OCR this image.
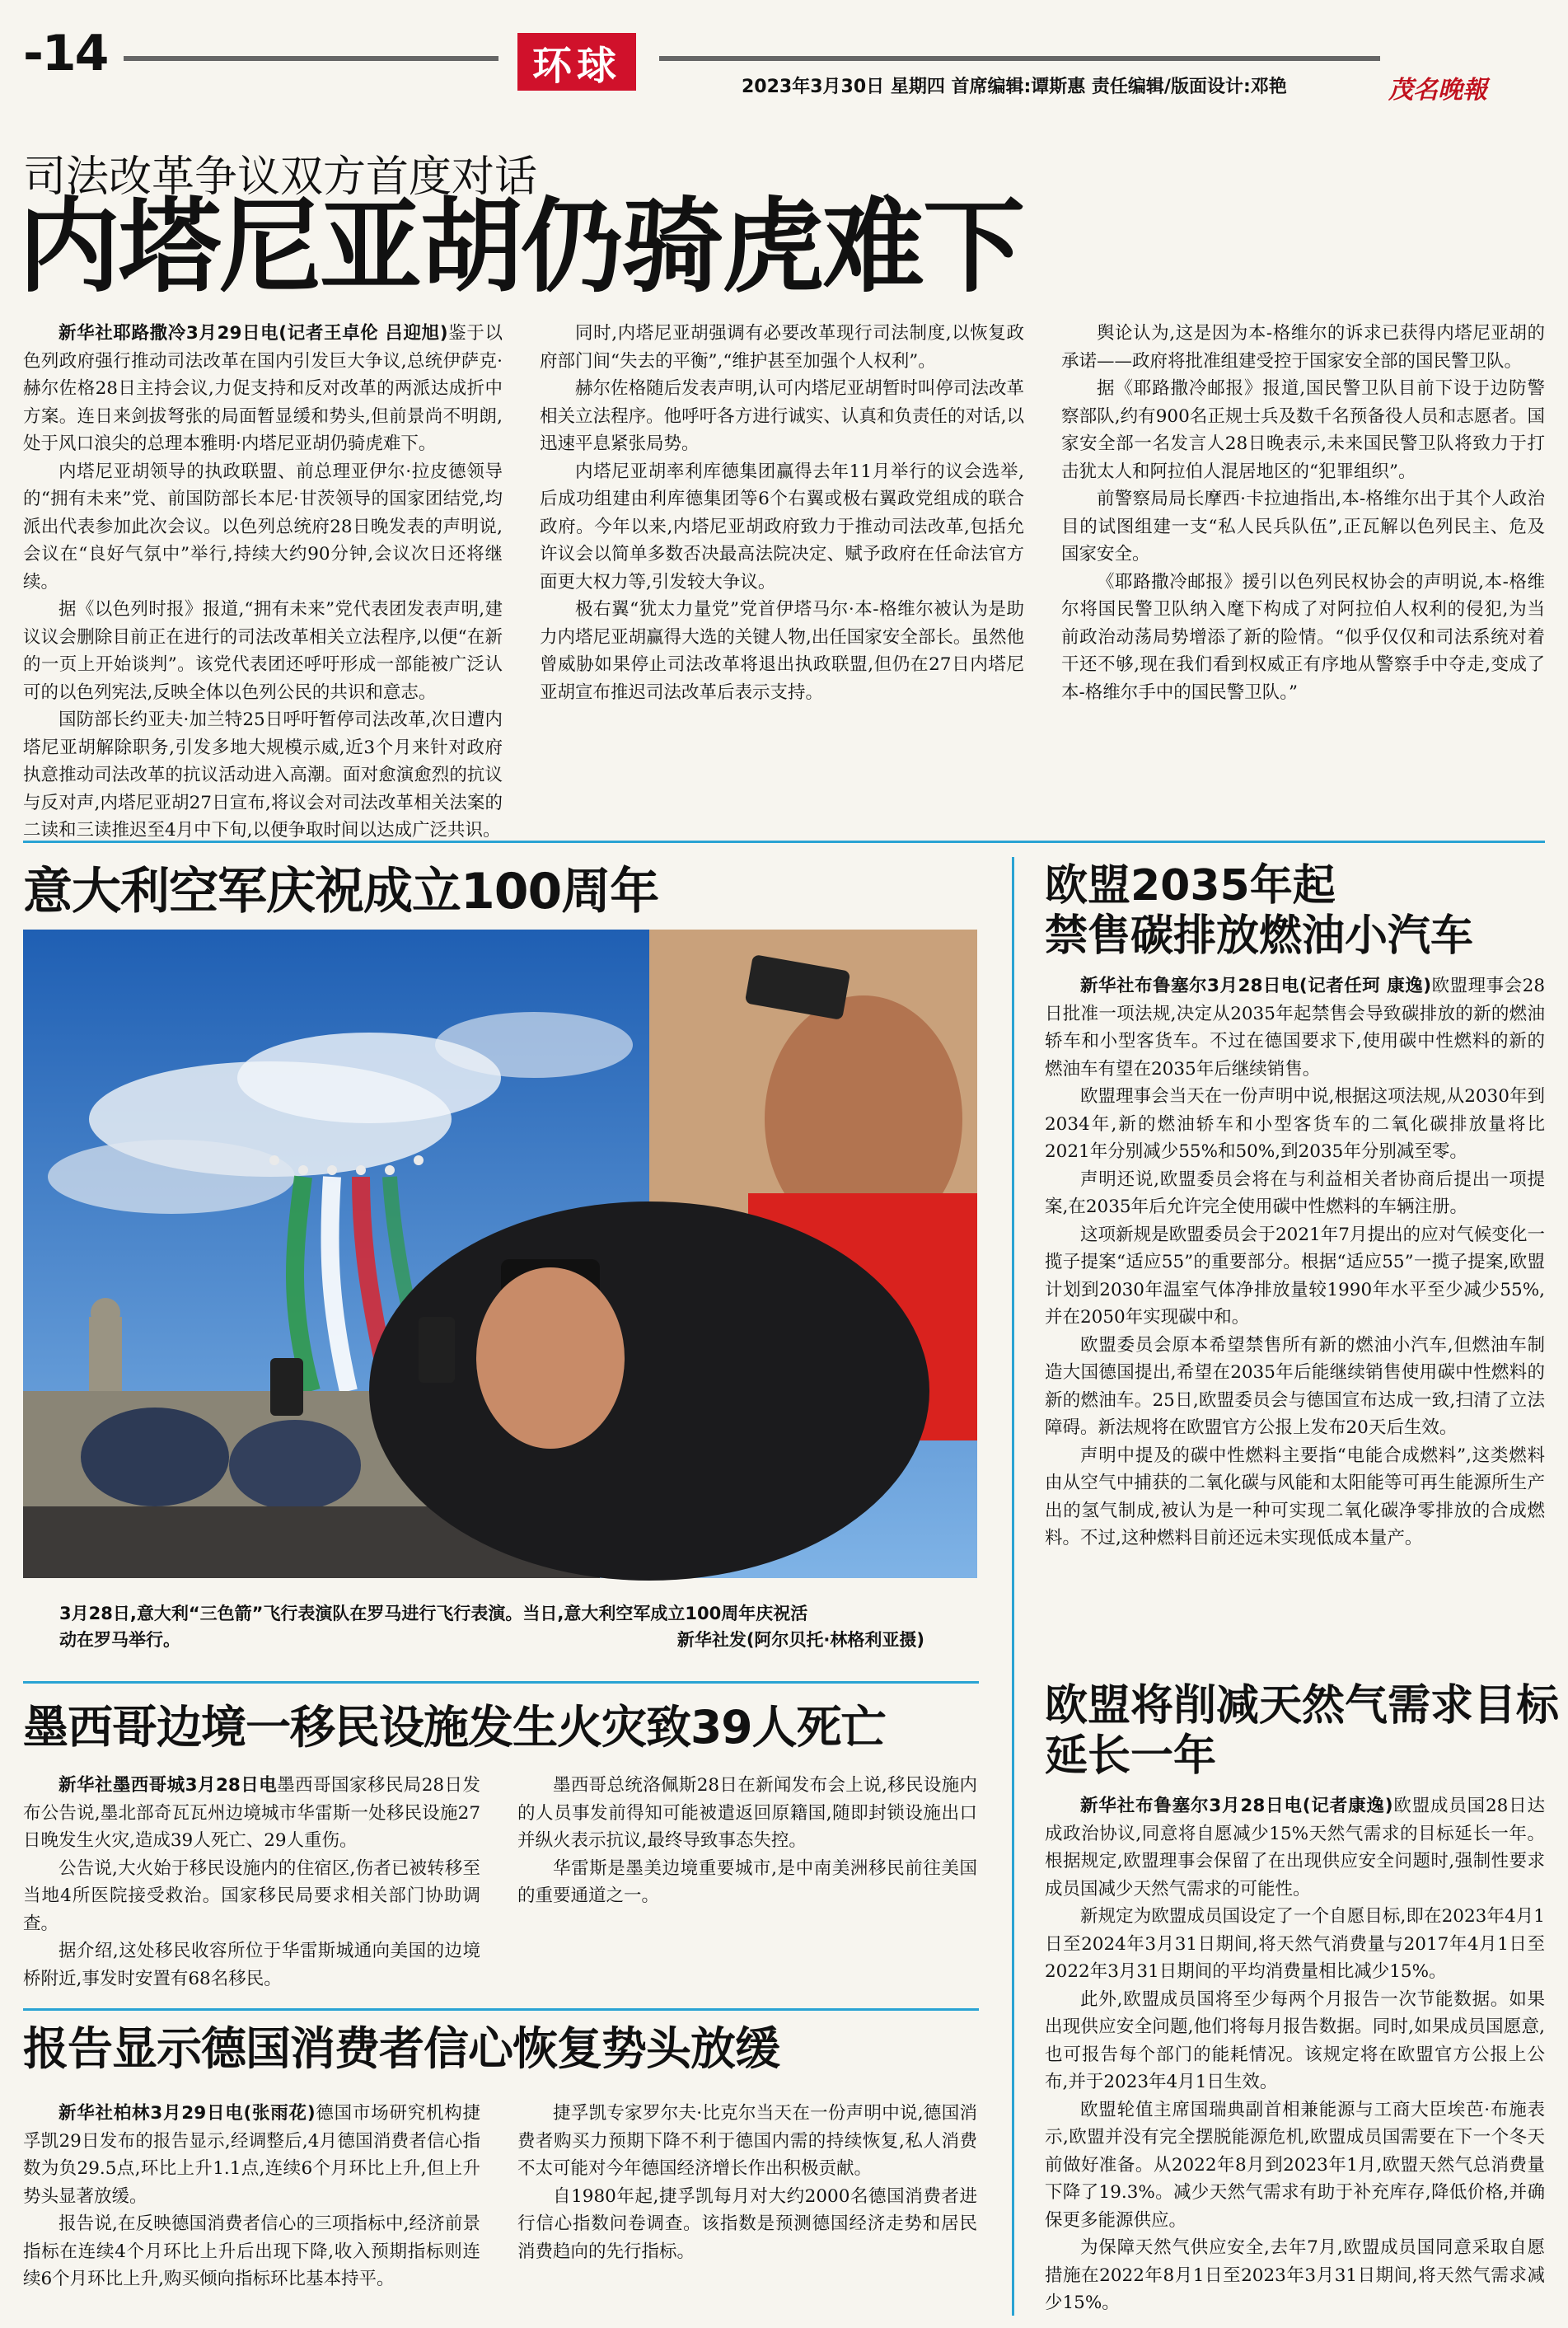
-14	环球	2023年3月30日 星期四 首席编辑:谭斯惠 责任编辑/版面设计:邓艳	茂名晚報
司法改革争议双方首度对话
内塔尼亚胡仍骑虎难下

新华社耶路撒冷3月29日电(记者王卓伦 吕迎旭)鉴于以色列政府强行推动司法改革在国内引发巨大争议,总统伊萨克·赫尔佐格28日主持会议,力促支持和反对改革的两派达成折中方案。连日来剑拔弩张的局面暂显缓和势头,但前景尚不明朗,处于风口浪尖的总理本雅明·内塔尼亚胡仍骑虎难下。

内塔尼亚胡领导的执政联盟、前总理亚伊尔·拉皮德领导的“拥有未来”党、前国防部长本尼·甘茨领导的国家团结党,均派出代表参加此次会议。以色列总统府28日晚发表的声明说,会议在“良好气氛中”举行,持续大约90分钟,会议次日还将继续。

据《以色列时报》报道,“拥有未来”党代表团发表声明,建议议会删除目前正在进行的司法改革相关立法程序,以便“在新的一页上开始谈判”。该党代表团还呼吁形成一部能被广泛认可的以色列宪法,反映全体以色列公民的共识和意志。

国防部长约亚夫·加兰特25日呼吁暂停司法改革,次日遭内塔尼亚胡解除职务,引发多地大规模示威,近3个月来针对政府执意推动司法改革的抗议活动进入高潮。面对愈演愈烈的抗议与反对声,内塔尼亚胡27日宣布,将议会对司法改革相关法案的二读和三读推迟至4月中下旬,以便争取时间以达成广泛共识。

同时,内塔尼亚胡强调有必要改革现行司法制度,以恢复政府部门间“失去的平衡”,“维护甚至加强个人权利”。

赫尔佐格随后发表声明,认可内塔尼亚胡暂时叫停司法改革相关立法程序。他呼吁各方进行诚实、认真和负责任的对话,以迅速平息紧张局势。

内塔尼亚胡率利库德集团赢得去年11月举行的议会选举,后成功组建由利库德集团等6个右翼或极右翼政党组成的联合政府。今年以来,内塔尼亚胡政府致力于推动司法改革,包括允许议会以简单多数否决最高法院决定、赋予政府在任命法官方面更大权力等,引发较大争议。

极右翼“犹太力量党”党首伊塔马尔·本-格维尔被认为是助力内塔尼亚胡赢得大选的关键人物,出任国家安全部长。虽然他曾威胁如果停止司法改革将退出执政联盟,但仍在27日内塔尼亚胡宣布推迟司法改革后表示支持。

舆论认为,这是因为本-格维尔的诉求已获得内塔尼亚胡的承诺——政府将批准组建受控于国家安全部的国民警卫队。

据《耶路撒冷邮报》报道,国民警卫队目前下设于边防警察部队,约有900名正规士兵及数千名预备役人员和志愿者。国家安全部一名发言人28日晚表示,未来国民警卫队将致力于打击犹太人和阿拉伯人混居地区的“犯罪组织”。

前警察局局长摩西·卡拉迪指出,本-格维尔出于其个人政治目的试图组建一支“私人民兵队伍”,正瓦解以色列民主、危及国家安全。

《耶路撒冷邮报》援引以色列民权协会的声明说,本-格维尔将国民警卫队纳入麾下构成了对阿拉伯人权利的侵犯,为当前政治动荡局势增添了新的险情。“似乎仅仅和司法系统对着干还不够,现在我们看到权威正有序地从警察手中夺走,变成了本-格维尔手中的国民警卫队。”

意大利空军庆祝成立100周年
3月28日,意大利“三色箭”飞行表演队在罗马进行飞行表演。当日,意大利空军成立100周年庆祝活
动在罗马举行。	新华社发(阿尔贝托·林格利亚摄)
墨西哥边境一移民设施发生火灾致39人死亡

新华社墨西哥城3月28日电墨西哥国家移民局28日发布公告说,墨北部奇瓦瓦州边境城市华雷斯一处移民设施27日晚发生火灾,造成39人死亡、29人重伤。

公告说,大火始于移民设施内的住宿区,伤者已被转移至当地4所医院接受救治。国家移民局要求相关部门协助调查。

据介绍,这处移民收容所位于华雷斯城通向美国的边境桥附近,事发时安置有68名移民。

墨西哥总统洛佩斯28日在新闻发布会上说,移民设施内的人员事发前得知可能被遣返回原籍国,随即封锁设施出口并纵火表示抗议,最终导致事态失控。

华雷斯是墨美边境重要城市,是中南美洲移民前往美国的重要通道之一。

报告显示德国消费者信心恢复势头放缓

新华社柏林3月29日电(张雨花)德国市场研究机构捷孚凯29日发布的报告显示,经调整后,4月德国消费者信心指数为负29.5点,环比上升1.1点,连续6个月环比上升,但上升势头显著放缓。

报告说,在反映德国消费者信心的三项指标中,经济前景指标在连续4个月环比上升后出现下降,收入预期指标则连续6个月环比上升,购买倾向指标环比基本持平。

捷孚凯专家罗尔夫·比克尔当天在一份声明中说,德国消费者购买力预期下降不利于德国内需的持续恢复,私人消费不太可能对今年德国经济增长作出积极贡献。

自1980年起,捷孚凯每月对大约2000名德国消费者进行信心指数问卷调查。该指数是预测德国经济走势和居民消费趋向的先行指标。

欧盟2035年起
禁售碳排放燃油小汽车

新华社布鲁塞尔3月28日电(记者任珂 康逸)欧盟理事会28日批准一项法规,决定从2035年起禁售会导致碳排放的新的燃油轿车和小型客货车。不过在德国要求下,使用碳中性燃料的新的燃油车有望在2035年后继续销售。

欧盟理事会当天在一份声明中说,根据这项法规,从2030年到2034年,新的燃油轿车和小型客货车的二氧化碳排放量将比2021年分别减少55%和50%,到2035年分别减至零。

声明还说,欧盟委员会将在与利益相关者协商后提出一项提案,在2035年后允许完全使用碳中性燃料的车辆注册。

这项新规是欧盟委员会于2021年7月提出的应对气候变化一揽子提案“适应55”的重要部分。根据“适应55”一揽子提案,欧盟计划到2030年温室气体净排放量较1990年水平至少减少55%,并在2050年实现碳中和。

欧盟委员会原本希望禁售所有新的燃油小汽车,但燃油车制造大国德国提出,希望在2035年后能继续销售使用碳中性燃料的新的燃油车。25日,欧盟委员会与德国宣布达成一致,扫清了立法障碍。新法规将在欧盟官方公报上发布20天后生效。

声明中提及的碳中性燃料主要指“电能合成燃料”,这类燃料由从空气中捕获的二氧化碳与风能和太阳能等可再生能源所生产出的氢气制成,被认为是一种可实现二氧化碳净零排放的合成燃料。不过,这种燃料目前还远未实现低成本量产。

欧盟将削减天然气需求目标
延长一年

新华社布鲁塞尔3月28日电(记者康逸)欧盟成员国28日达成政治协议,同意将自愿减少15%天然气需求的目标延长一年。根据规定,欧盟理事会保留了在出现供应安全问题时,强制性要求成员国减少天然气需求的可能性。

新规定为欧盟成员国设定了一个自愿目标,即在2023年4月1日至2024年3月31日期间,将天然气消费量与2017年4月1日至2022年3月31日期间的平均消费量相比减少15%。

此外,欧盟成员国将至少每两个月报告一次节能数据。如果出现供应安全问题,他们将每月报告数据。同时,如果成员国愿意,也可报告每个部门的能耗情况。该规定将在欧盟官方公报上公布,并于2023年4月1日生效。

欧盟轮值主席国瑞典副首相兼能源与工商大臣埃芭·布施表示,欧盟并没有完全摆脱能源危机,欧盟成员国需要在下一个冬天前做好准备。从2022年8月到2023年1月,欧盟天然气总消费量下降了19.3%。减少天然气需求有助于补充库存,降低价格,并确保更多能源供应。

为保障天然气供应安全,去年7月,欧盟成员国同意采取自愿措施在2022年8月1日至2023年3月31日期间,将天然气需求减少15%。
